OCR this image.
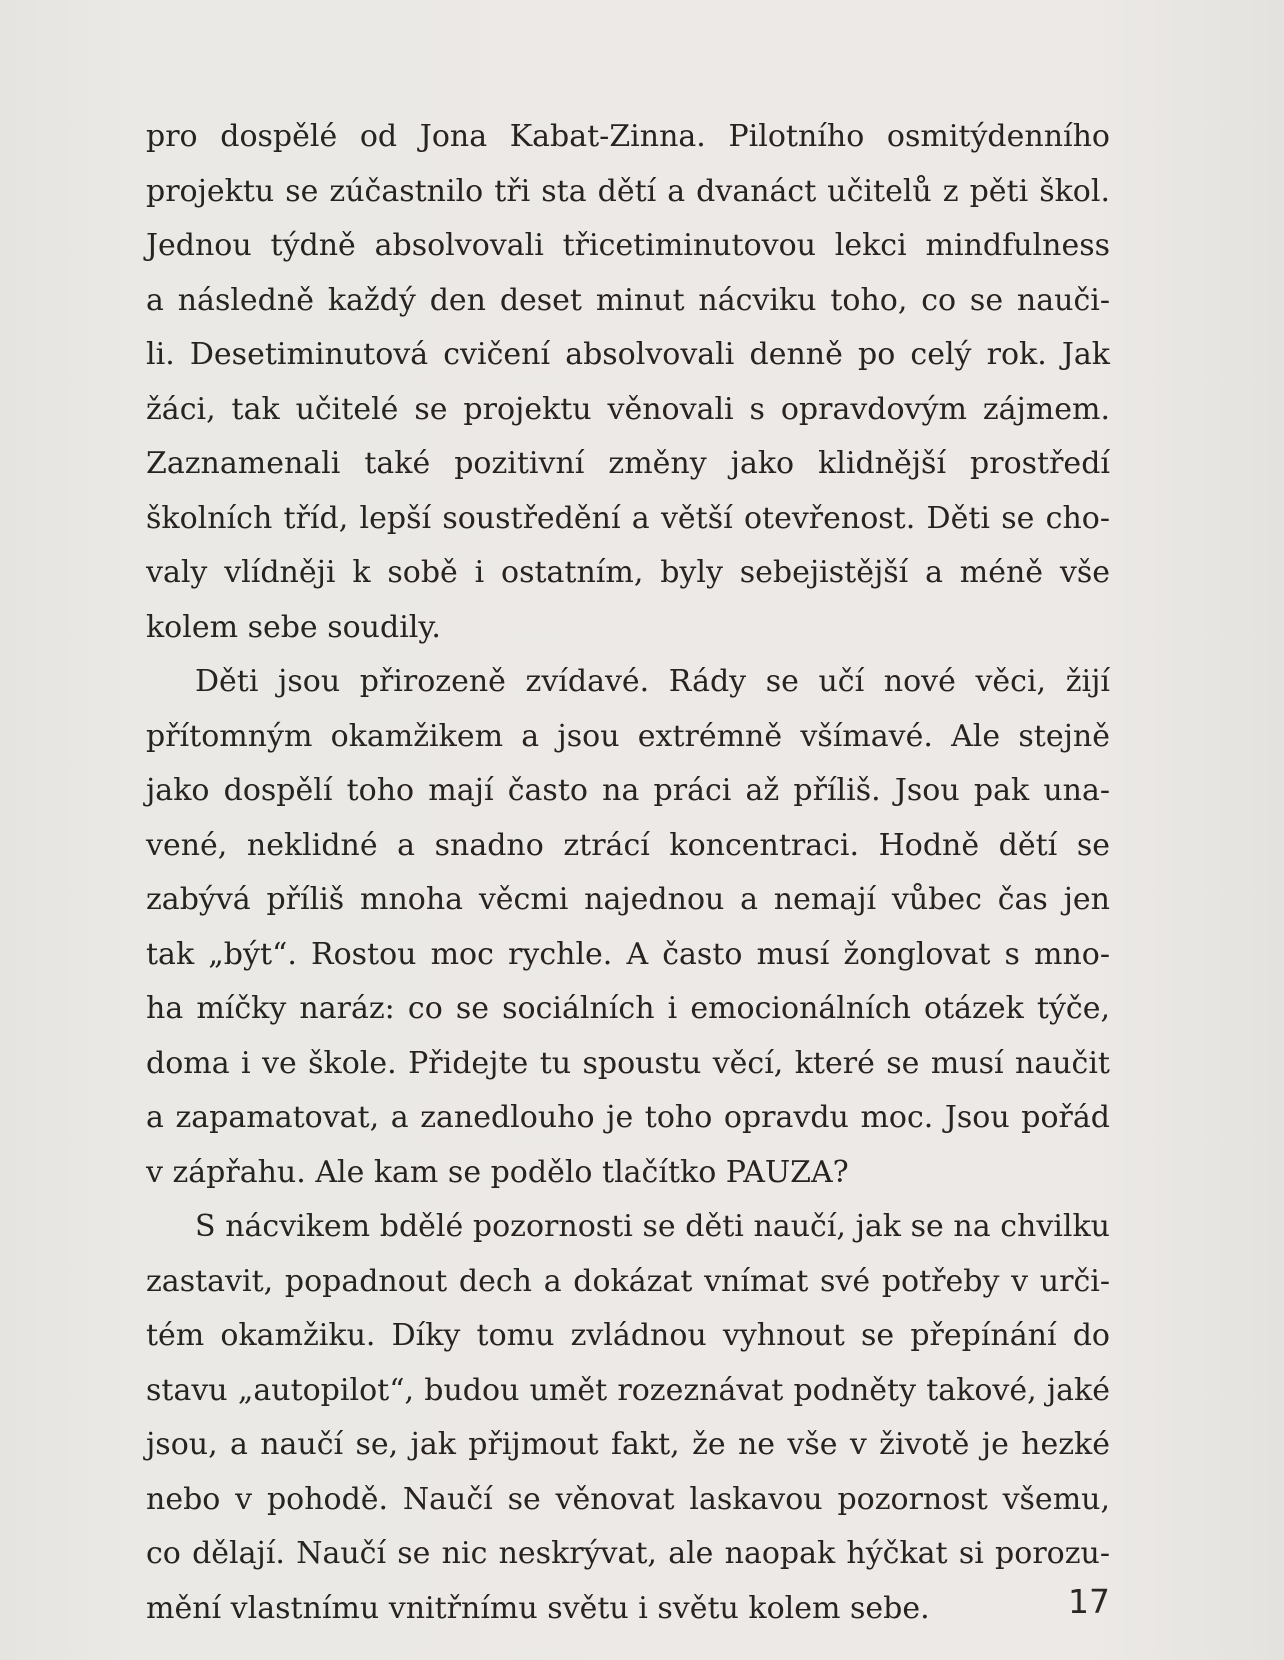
pro dospělé od Jona Kabat-Zinna. Pilotního osmitýdenního
projektu se zúčastnilo tři sta dětí a dvanáct učitelů z pěti škol.
Jednou týdně absolvovali třicetiminutovou lekci mindfulness
a následně každý den deset minut nácviku toho, co se nauči-
li. Desetiminutová cvičení absolvovali denně po celý rok. Jak
žáci, tak učitelé se projektu věnovali s opravdovým zájmem.
Zaznamenali také pozitivní změny jako klidnější prostředí
školních tříd, lepší soustředění a větší otevřenost. Děti se cho-
valy vlídněji k sobě i ostatním, byly sebejistější a méně vše
kolem sebe soudily.
Děti jsou přirozeně zvídavé. Rády se učí nové věci, žijí
přítomným okamžikem a jsou extrémně všímavé. Ale stejně
jako dospělí toho mají často na práci až příliš. Jsou pak una-
vené, neklidné a snadno ztrácí koncentraci. Hodně dětí se
zabývá příliš mnoha věcmi najednou a nemají vůbec čas jen
tak „být“. Rostou moc rychle. A často musí žonglovat s mno-
ha míčky naráz: co se sociálních i emocionálních otázek týče,
doma i ve škole. Přidejte tu spoustu věcí, které se musí naučit
a zapamatovat, a zanedlouho je toho opravdu moc. Jsou pořád
v zápřahu. Ale kam se podělo tlačítko PAUZA?
S nácvikem bdělé pozornosti se děti naučí, jak se na chvilku
zastavit, popadnout dech a dokázat vnímat své potřeby v urči-
tém okamžiku. Díky tomu zvládnou vyhnout se přepínání do
stavu „autopilot“, budou umět rozeznávat podněty takové, jaké
jsou, a naučí se, jak přijmout fakt, že ne vše v životě je hezké
nebo v pohodě. Naučí se věnovat laskavou pozornost všemu,
co dělají. Naučí se nic neskrývat, ale naopak hýčkat si porozu-
mění vlastnímu vnitřnímu světu i světu kolem sebe.	17
